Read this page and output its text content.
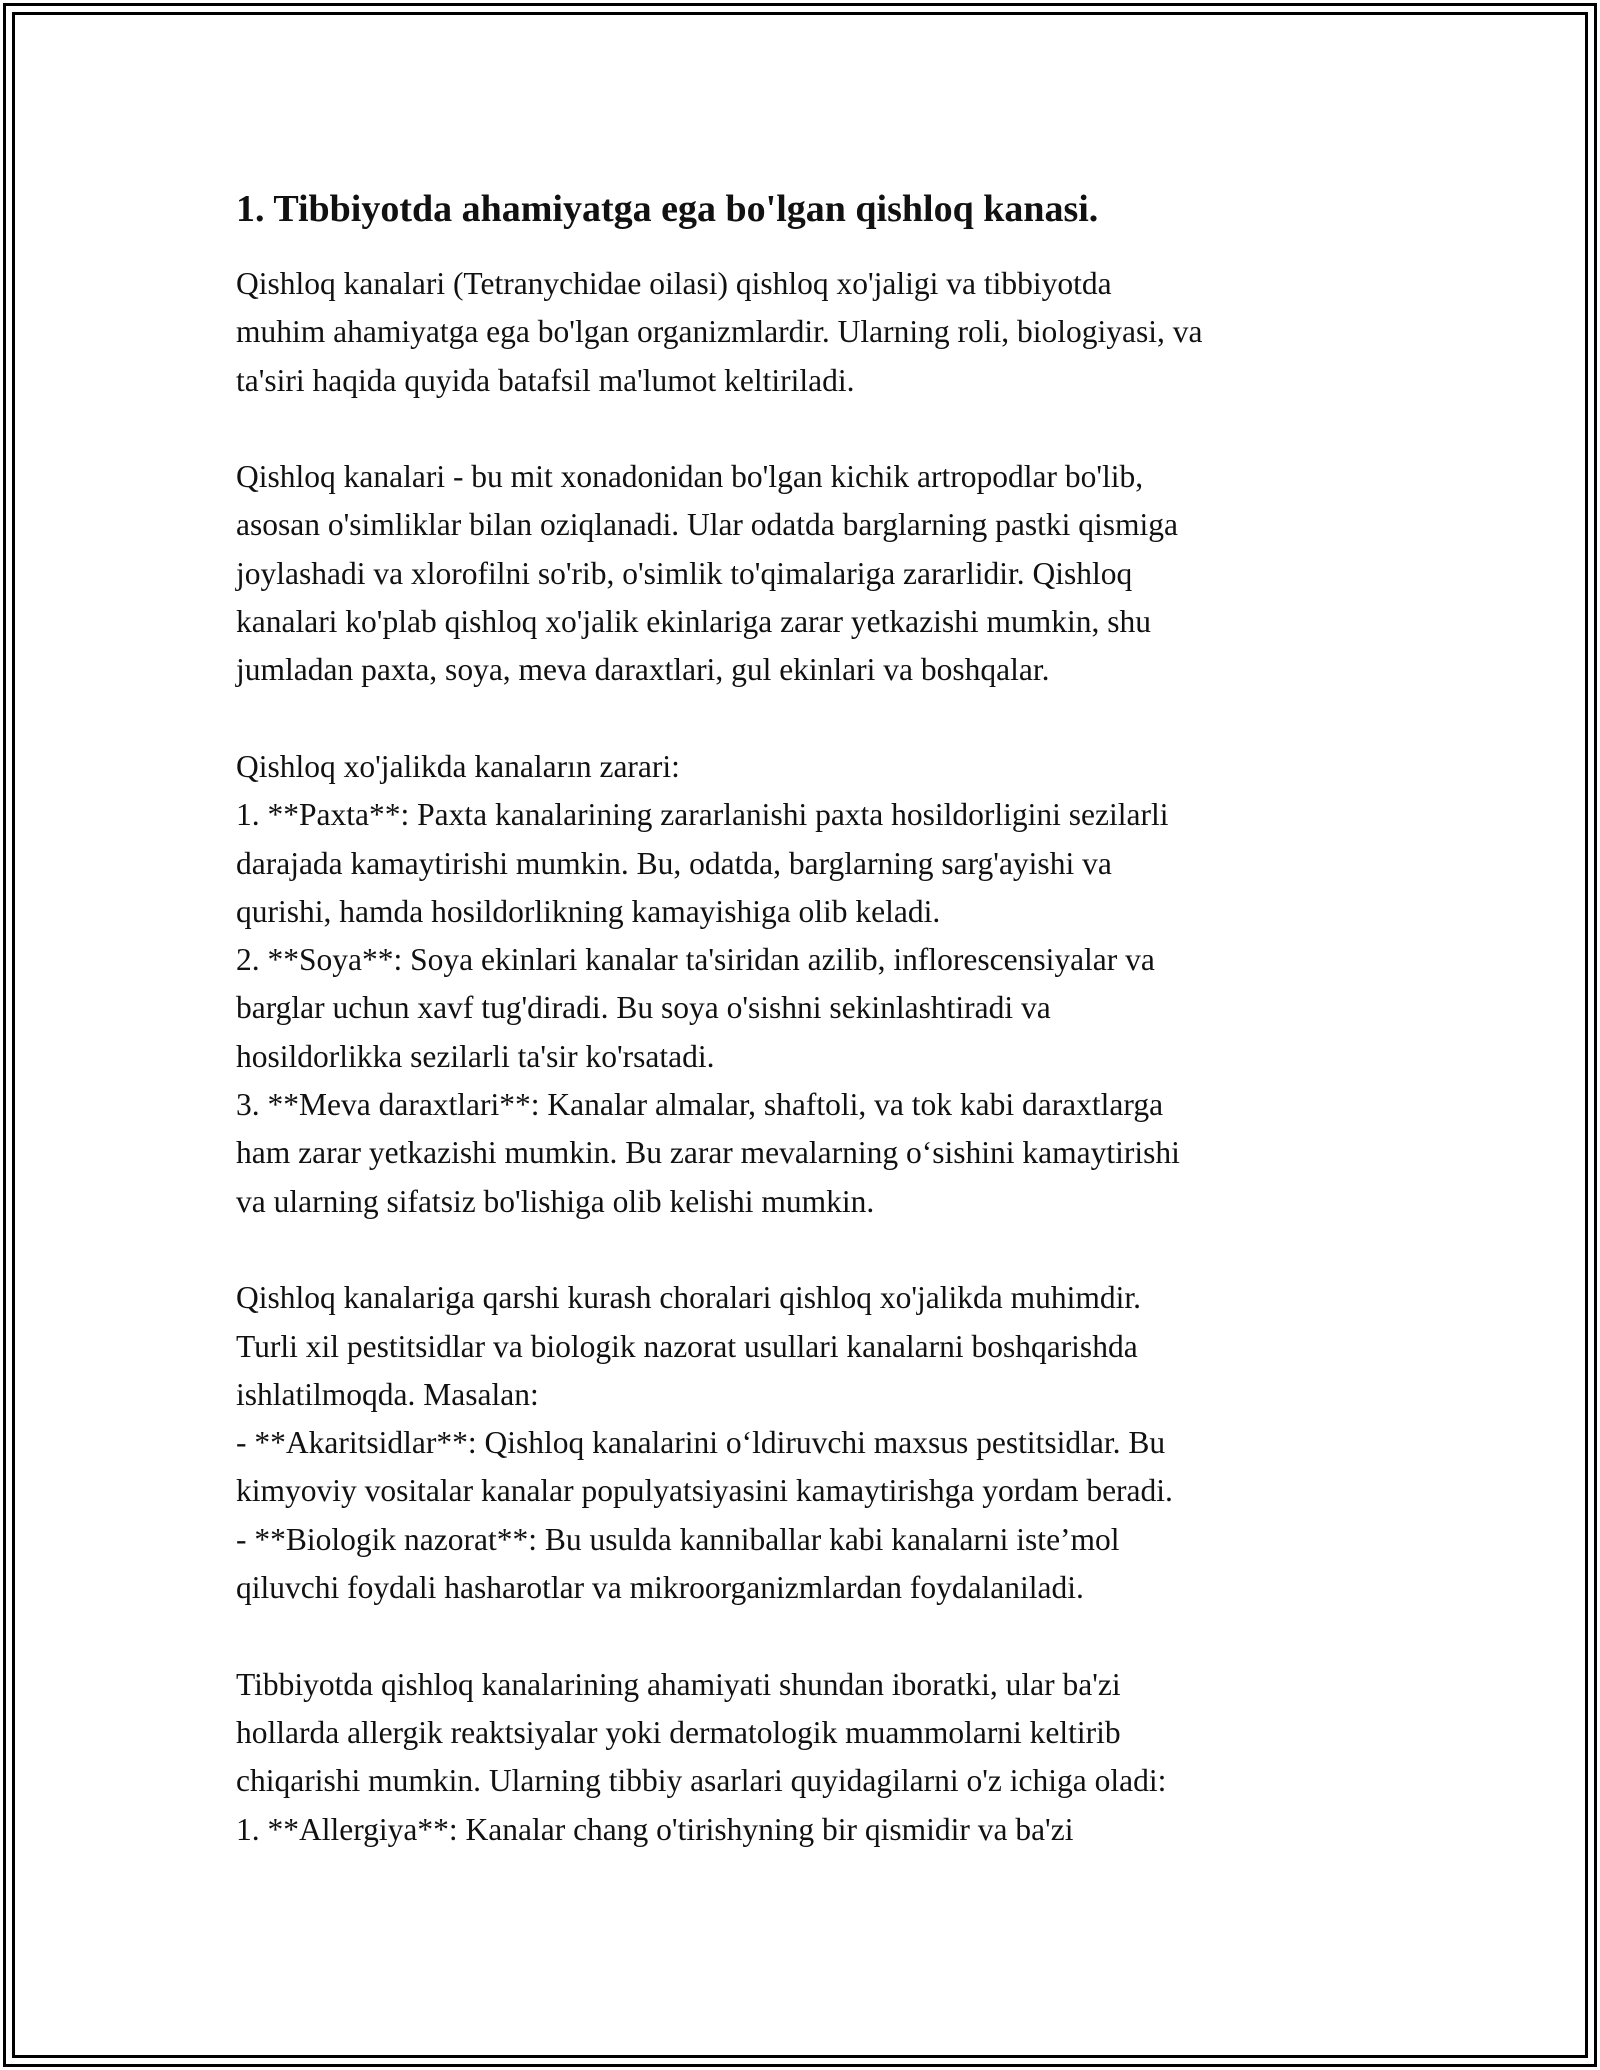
1. Tibbiyotda ahamiyatga ega bo'lgan qishloq kanasi.
Qishloq kanalari (Tetranychidae oilasi) qishloq xo'jaligi va tibbiyotda
muhim ahamiyatga ega bo'lgan organizmlardir. Ularning roli, biologiyasi, va
ta'siri haqida quyida batafsil ma'lumot keltiriladi.
Qishloq kanalari - bu mit xonadonidan bo'lgan kichik artropodlar bo'lib,
asosan o'simliklar bilan oziqlanadi. Ular odatda barglarning pastki qismiga
joylashadi va xlorofilni so'rib, o'simlik to'qimalariga zararlidir. Qishloq
kanalari ko'plab qishloq xo'jalik ekinlariga zarar yetkazishi mumkin, shu
jumladan paxta, soya, meva daraxtlari, gul ekinlari va boshqalar.
Qishloq xo'jalikda kanaların zarari:
1. **Paxta**: Paxta kanalarining zararlanishi paxta hosildorligini sezilarli
darajada kamaytirishi mumkin. Bu, odatda, barglarning sarg'ayishi va
qurishi, hamda hosildorlikning kamayishiga olib keladi.
2. **Soya**: Soya ekinlari kanalar ta'siridan azilib, inflorescensiyalar va
barglar uchun xavf tug'diradi. Bu soya o'sishni sekinlashtiradi va
hosildorlikka sezilarli ta'sir ko'rsatadi.
3. **Meva daraxtlari**: Kanalar almalar, shaftoli, va tok kabi daraxtlarga
ham zarar yetkazishi mumkin. Bu zarar mevalarning o‘sishini kamaytirishi
va ularning sifatsiz bo'lishiga olib kelishi mumkin.
Qishloq kanalariga qarshi kurash choralari qishloq xo'jalikda muhimdir.
Turli xil pestitsidlar va biologik nazorat usullari kanalarni boshqarishda
ishlatilmoqda. Masalan:
- **Akaritsidlar**: Qishloq kanalarini o‘ldiruvchi maxsus pestitsidlar. Bu
kimyoviy vositalar kanalar populyatsiyasini kamaytirishga yordam beradi.
- **Biologik nazorat**: Bu usulda kanniballar kabi kanalarni iste’mol
qiluvchi foydali hasharotlar va mikroorganizmlardan foydalaniladi.
Tibbiyotda qishloq kanalarining ahamiyati shundan iboratki, ular ba'zi
hollarda allergik reaktsiyalar yoki dermatologik muammolarni keltirib
chiqarishi mumkin. Ularning tibbiy asarlari quyidagilarni o'z ichiga oladi:
1. **Allergiya**: Kanalar chang o'tirishyning bir qismidir va ba'zi
